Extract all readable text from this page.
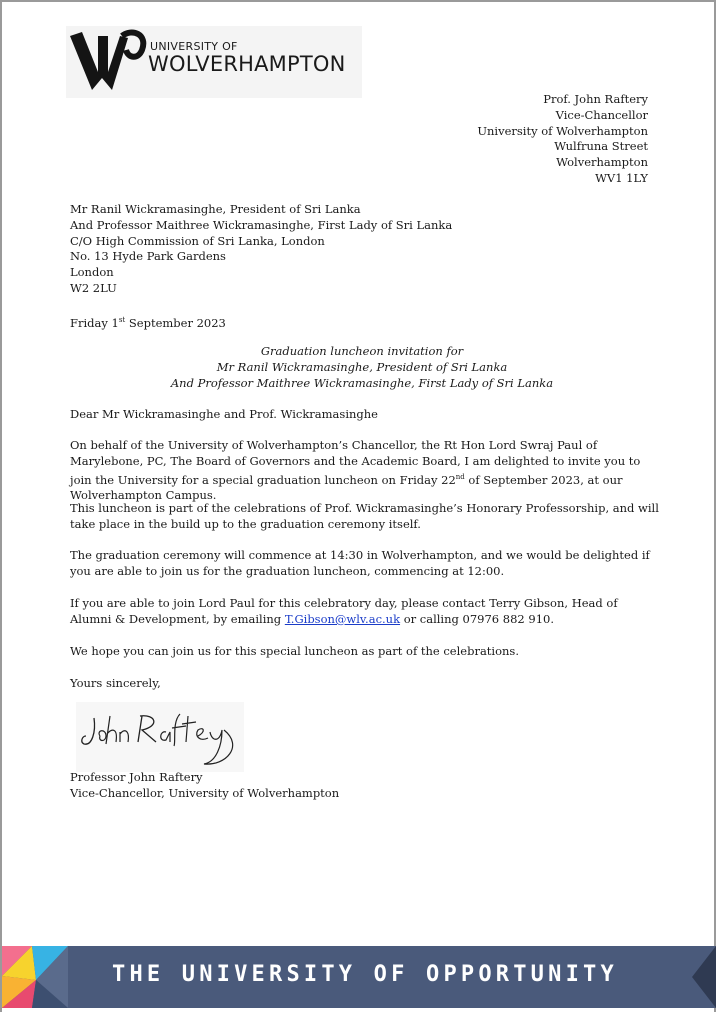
UNIVERSITY OF
WOLVERHAMPTON
Prof. John Raftery
Vice-Chancellor
University of Wolverhampton
Wulfruna Street
Wolverhampton
WV1 1LY
Mr Ranil Wickramasinghe, President of Sri Lanka
And Professor Maithree Wickramasinghe, First Lady of Sri Lanka
C/O High Commission of Sri Lanka, London
No. 13 Hyde Park Gardens
London
W2 2LU
Friday 1st September 2023
Graduation luncheon invitation for
Mr Ranil Wickramasinghe, President of Sri Lanka
And Professor Maithree Wickramasinghe, First Lady of Sri Lanka
Dear Mr Wickramasinghe and Prof. Wickramasinghe
On behalf of the University of Wolverhampton’s Chancellor, the Rt Hon Lord Swraj Paul of Marylebone, PC, The Board of Governors and the Academic Board, I am delighted to invite you to join the University for a special graduation luncheon on Friday 22nd of September 2023, at our Wolverhampton Campus.
This luncheon is part of the celebrations of Prof. Wickramasinghe’s Honorary Professorship, and will take place in the build up to the graduation ceremony itself.
The graduation ceremony will commence at 14:30 in Wolverhampton, and we would be delighted if you are able to join us for the graduation luncheon, commencing at 12:00.
If you are able to join Lord Paul for this celebratory day, please contact Terry Gibson, Head of Alumni & Development, by emailing T.Gibson@wlv.ac.uk or calling 07976 882 910.
We hope you can join us for this special luncheon as part of the celebrations.
Yours sincerely,
Professor John Raftery
Vice-Chancellor, University of Wolverhampton
THE UNIVERSITY OF OPPORTUNITY
